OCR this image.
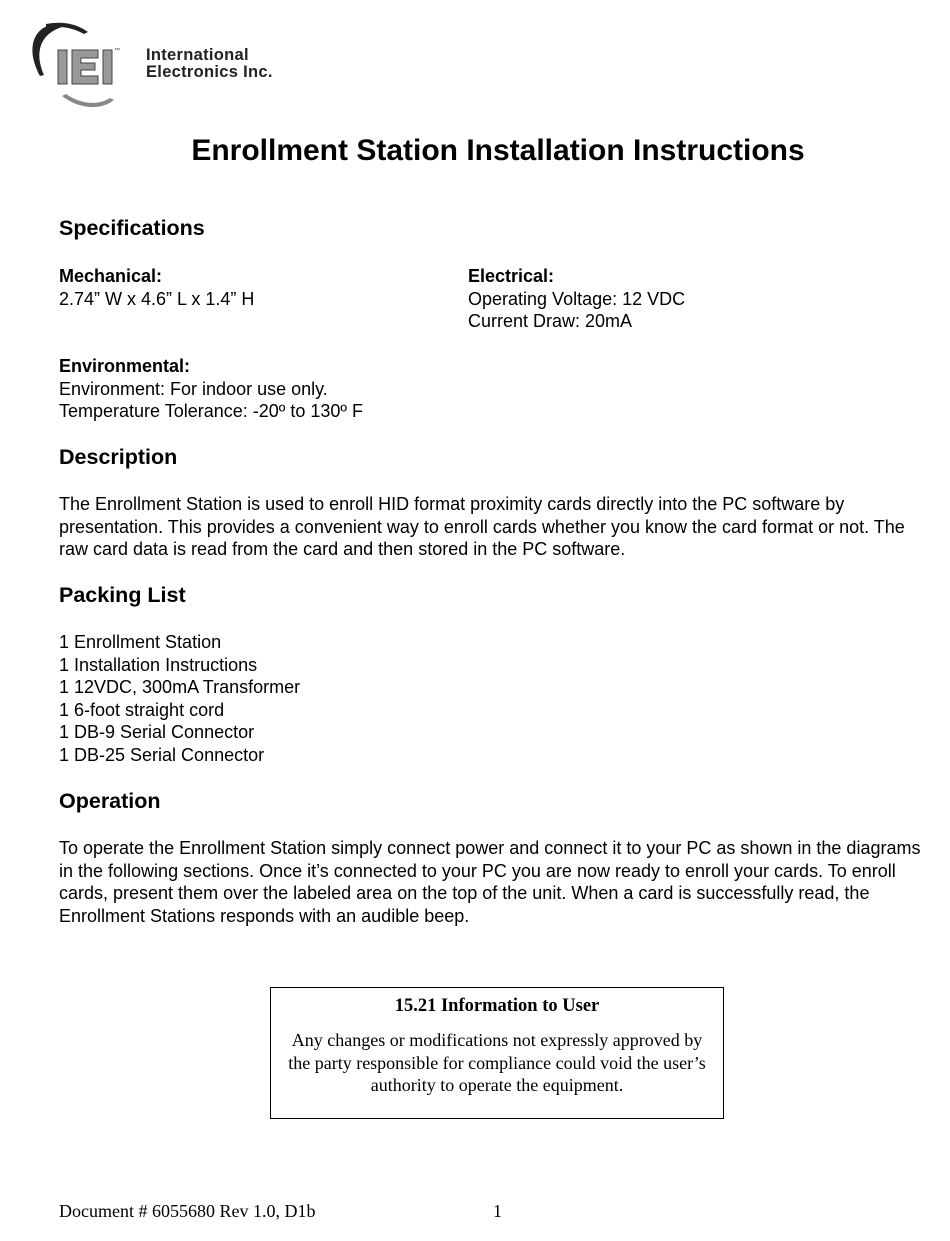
™ International
Electronics Inc.
Enrollment Station Installation Instructions
Specifications
Mechanical:
2.74” W x 4.6” L x 1.4” H
Electrical:
Operating Voltage: 12 VDC
Current Draw: 20mA
Environmental:
Environment: For indoor use only.
Temperature Tolerance: -20º to 130º F
Description
The Enrollment Station is used to enroll HID format proximity cards directly into the PC software by presentation. This provides a convenient way to enroll cards whether you know the card format or not. The raw card data is read from the card and then stored in the PC software.
Packing List
1 Enrollment Station
1 Installation Instructions
1 12VDC, 300mA Transformer
1 6-foot straight cord
1 DB-9 Serial Connector
1 DB-25 Serial Connector
Operation
To operate the Enrollment Station simply connect power and connect it to your PC as shown in the diagrams in the following sections. Once it’s connected to your PC you are now ready to enroll your cards. To enroll cards, present them over the labeled area on the top of the unit. When a card is successfully read, the Enrollment Stations responds with an audible beep.
15.21 Information to User
Any changes or modifications not expressly approved by the party responsible for compliance could void the user’s authority to operate the equipment.
Document # 6055680 Rev 1.0, D1b	1
